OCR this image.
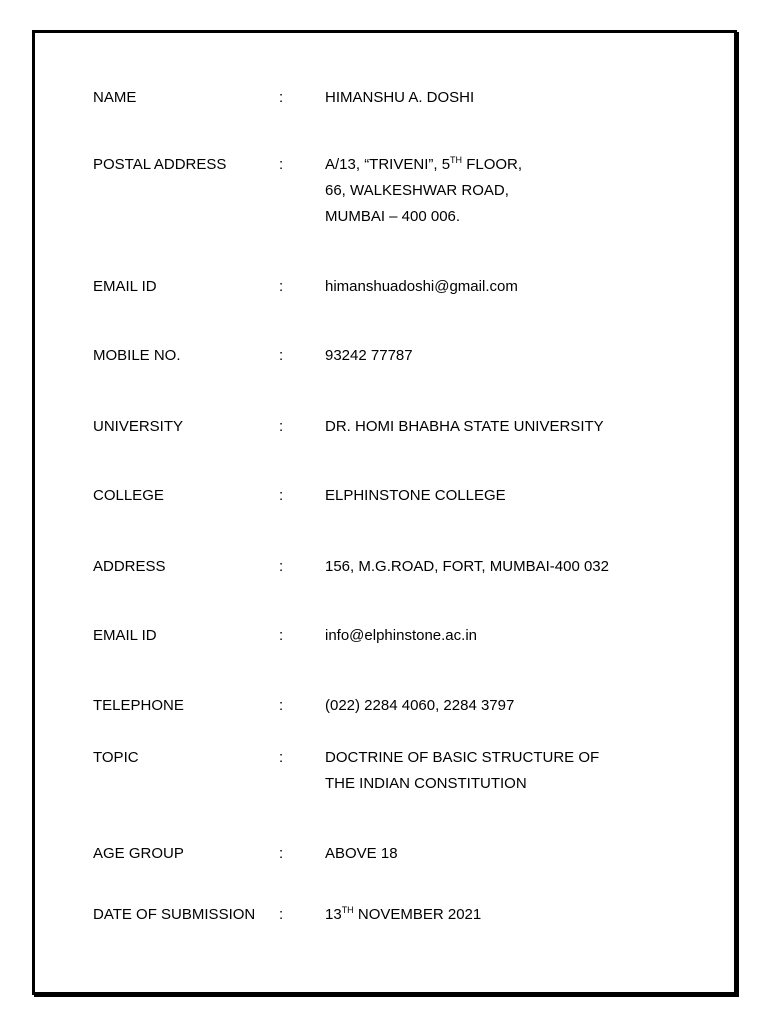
NAME	:	HIMANSHU A. DOSHI
POSTAL ADDRESS	:	A/13, “TRIVENI”, 5TH FLOOR,
66, WALKESHWAR ROAD,
MUMBAI – 400 006.
EMAIL ID	:	himanshuadoshi@gmail.com
MOBILE NO.	:	93242 77787
UNIVERSITY	:	DR. HOMI BHABHA STATE UNIVERSITY
COLLEGE	:	ELPHINSTONE COLLEGE
ADDRESS	:	156, M.G.ROAD, FORT, MUMBAI-400 032
EMAIL ID	:	info@elphinstone.ac.in
TELEPHONE	:	(022) 2284 4060, 2284 3797
TOPIC	:	DOCTRINE OF BASIC STRUCTURE OF
THE INDIAN CONSTITUTION
AGE GROUP	:	ABOVE 18
DATE OF SUBMISSION :	13TH NOVEMBER 2021
